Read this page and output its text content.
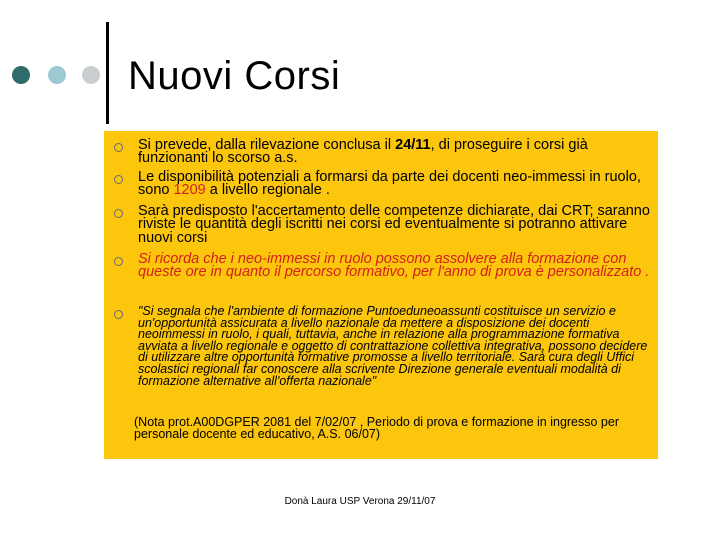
Nuovi Corsi
Si prevede, dalla rilevazione conclusa il 24/11, di proseguire i corsi già funzionanti lo scorso a.s.
Le disponibilità potenziali a formarsi da parte dei docenti neo-immessi in ruolo, sono 1209 a livello regionale .
Sarà predisposto l'accertamento delle competenze dichiarate, dai CRT; saranno riviste le quantità degli iscritti nei corsi ed eventualmente si potranno attivare nuovi corsi
Si ricorda che i neo-immessi in ruolo possono assolvere alla formazione con queste ore in quanto il percorso formativo, per l'anno di prova è personalizzato .
"Si segnala che l'ambiente di formazione Puntoeduneoassunti costituisce un servizio e un'opportunità assicurata a livello nazionale da mettere a disposizione dei docenti neoimmessi in ruolo, i quali, tuttavia, anche in relazione alla programmazione formativa avviata a livello regionale e oggetto di contrattazione collettiva integrativa, possono decidere di utilizzare altre opportunità formative promosse a livello territoriale. Sarà cura degli Uffici scolastici regionali far conoscere alla scrivente Direzione generale eventuali modalità di formazione alternative all'offerta nazionale"
(Nota prot.A00DGPER 2081 del 7/02/07 , Periodo di prova e formazione in ingresso per personale docente ed educativo, A.S. 06/07)
Donà Laura USP Verona 29/11/07
